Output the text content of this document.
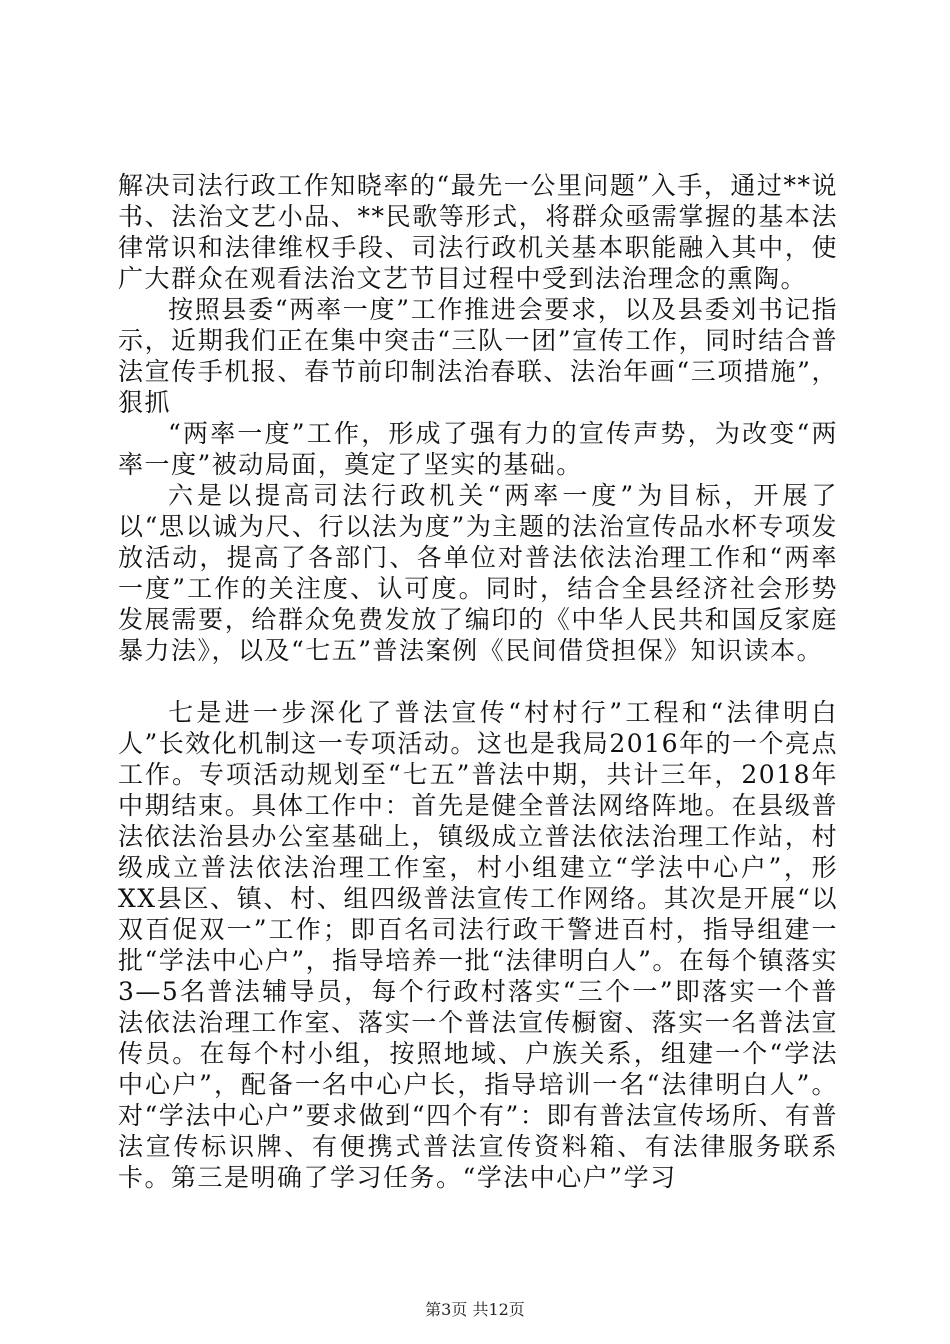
解决司法行政工作知晓率的“最先一公里问题”入手，通过**说书、法治文艺小品、**民歌等形式，将群众亟需掌握的基本法律常识和法律维权手段、司法行政机关基本职能融入其中，使广大群众在观看法治文艺节目过程中受到法治理念的熏陶。

按照县委“两率一度”工作推进会要求，以及县委刘书记指示，近期我们正在集中突击“三队一团”宣传工作，同时结合普法宣传手机报、春节前印制法治春联、法治年画“三项措施”，狠抓

“两率一度”工作，形成了强有力的宣传声势，为改变“两率一度”被动局面，奠定了坚实的基础。

六是以提高司法行政机关“两率一度”为目标，开展了以“思以诚为尺、行以法为度”为主题的法治宣传品水杯专项发放活动，提高了各部门、各单位对普法依法治理工作和“两率一度”工作的关注度、认可度。同时，结合全县经济社会形势发展需要，给群众免费发放了编印的《中华人民共和国反家庭暴力法》，以及“七五”普法案例《民间借贷担保》知识读本。

七是进一步深化了普法宣传“村村行”工程和“法律明白人”长效化机制这一专项活动。这也是我局2016年的一个亮点工作。专项活动规划至“七五”普法中期，共计三年，2018年中期结束。具体工作中：首先是健全普法网络阵地。在县级普法依法治县办公室基础上，镇级成立普法依法治理工作站，村级成立普法依法治理工作室，村小组建立“学法中心户”，形XX县区、镇、村、组四级普法宣传工作网络。其次是开展“以双百促双一”工作；即百名司法行政干警进百村，指导组建一批“学法中心户”，指导培养一批“法律明白人”。在每个镇落实3—5名普法辅导员，每个行政村落实“三个一”即落实一个普法依法治理工作室、落实一个普法宣传橱窗、落实一名普法宣传员。在每个村小组，按照地域、户族关系，组建一个“学法中心户”，配备一名中心户长，指导培训一名“法律明白人”。对“学法中心户”要求做到“四个有”：即有普法宣传场所、有普法宣传标识牌、有便携式普法宣传资料箱、有法律服务联系卡。第三是明确了学习任务。“学法中心户”学习

第3页 共12页
